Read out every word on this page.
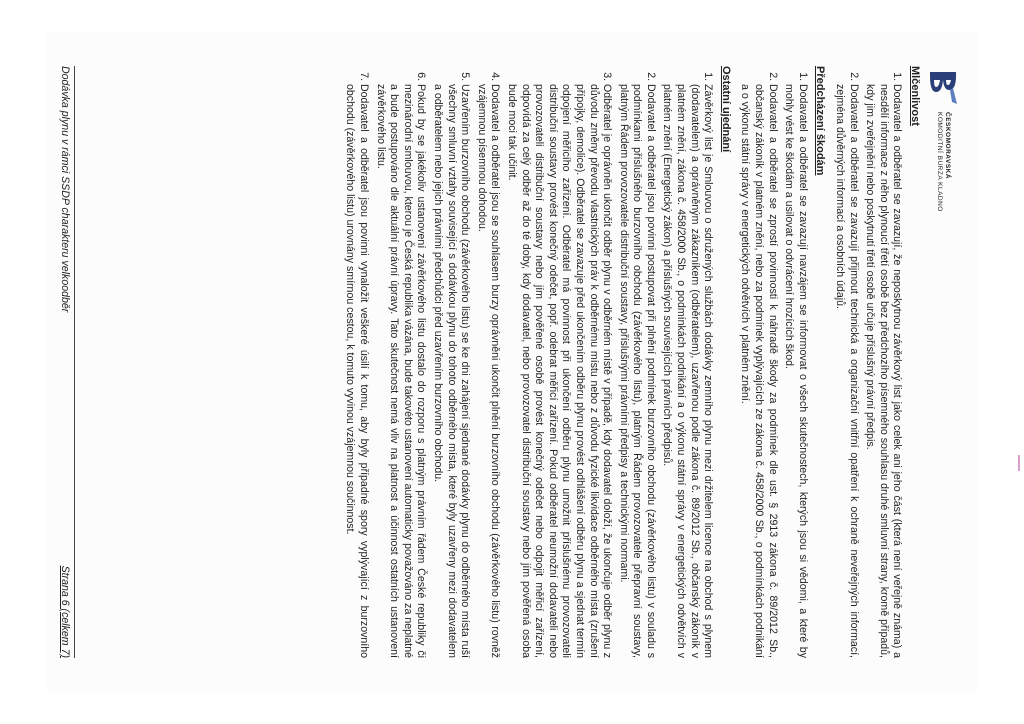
ČESKOMORAVSKÁ
KOMODITNÍ BURZA KLADNO
Mlčenlivost
1. Dodavatel a odběratel se zavazují, že neposkytnou závěrkový list jako celek ani jeho část (která není veřejně známa) a nesdělí informace z něho plynoucí třetí osobě bez předchozího písemného souhlasu druhé smluvní strany, kromě případů, kdy jim zveřejnění nebo poskytnutí třetí osobě určuje příslušný právní předpis.
2. Dodavatel a odběratel se zavazují přijmout technická a organizační vnitřní opatření k ochraně neveřejných informací, zejména důvěrných informací a osobních údajů.
Předcházení škodám
1. Dodavatel a odběratel se zavazují navzájem se informovat o všech skutečnostech, kterých jsou si vědomi, a které by mohly vést ke škodám a usilovat o odvrácení hrozících škod.
2. Dodavatel a odběratel se zprostí povinnosti k náhradě škody za podmínek dle ust. § 2913 zákona č. 89/2012 Sb., občanský zákoník v platném znění, nebo za podmínek vyplývajících ze zákona č. 458/2000 Sb., o podmínkách podnikání a o výkonu státní správy v energetických odvětvích v platném znění.
Ostatní ujednání
1. Závěrkový list je Smlouvou o sdružených službách dodávky zemního plynu mezi držitelem licence na obchod s plynem (dodavatelem) a oprávněným zákazníkem (odběratelem), uzavřenou podle zákona č. 89/2012 Sb., občanský zákoník v platném znění, zákona č. 458/2000 Sb., o podmínkách podnikání a o výkonu státní správy v energetických odvětvích v platném znění (Energetický zákon) a příslušných souvisejících právních předpisů.
2. Dodavatel a odběratel jsou povinni postupovat při plnění podmínek burzovního obchodu (závěrkového listu) v souladu s podmínkami příslušného burzovního obchodu (závěrkového listu), platným Řádem provozovatele přepravní soustavy, platným Řádem provozovatele distribuční soustavy, příslušnými právními předpisy a technickými normami.
3. Odběratel je oprávněn ukončit odběr plynu v odběrném místě v případě, kdy dodavatel doloží, že ukončuje odběr plynu z důvodu změny převodu vlastnických práv k odběrnému místu nebo z důvodu fyzické likvidace odběrného místa (zrušení přípojky, demolice). Odběratel se zavazuje před ukončením odběru plynu provést odhlášení odběru plynu a sjednat termín odpojení měřicího zařízení. Odběratel má povinnost při ukončení odběru plynu umožnit příslušnému provozovateli distribuční soustavy provést konečný odečet, popř. odebrat měřicí zařízení. Pokud odběratel neumožní dodavateli nebo provozovateli distribuční soustavy nebo jím pověřené osobě provést konečný odečet nebo odpojit měřicí zařízení, odpovídá za celý odběr až do té doby, kdy dodavatel, nebo provozovatel distribuční soustavy nebo jím pověřená osoba bude moci tak učinit.
4. Dodavatel a odběratel jsou se souhlasem burzy oprávněni ukončit plnění burzovního obchodu (závěrkového listu) rovněž vzájemnou písemnou dohodou.
5. Uzavřením burzovního obchodu (závěrkového listu) se ke dni zahájení sjednané dodávky plynu do odběrného místa ruší všechny smluvní vztahy související s dodávkou plynu do tohoto odběrného místa, které byly uzavřeny mezi dodavatelem a odběratelem nebo jejich právními předchůdci před uzavřením burzovního obchodu.
6. Pokud by se jakékoliv ustanovení závěrkového listu dostalo do rozporu s platným právním řádem České republiky či mezinárodní smlouvou, kterou je Česká republika vázána, bude takovéto ustanovení automaticky považováno za neplatné a bude postupováno dle aktuální právní úpravy. Tato skutečnost nemá vliv na platnost a účinnost ostatních ustanovení závěrkového listu.
7. Dodavatel a odběratel jsou povinni vynaložit veškeré úsilí k tomu, aby byly případné spory vyplývající z burzovního obchodu (závěrkového listu) urovnány smírnou cestou, k tomuto vyvinou vzájemnou součinnost.
Dodávka plynu v rámci SSDP charakteru velkoodběr
Strana 6 (celkem 7)
